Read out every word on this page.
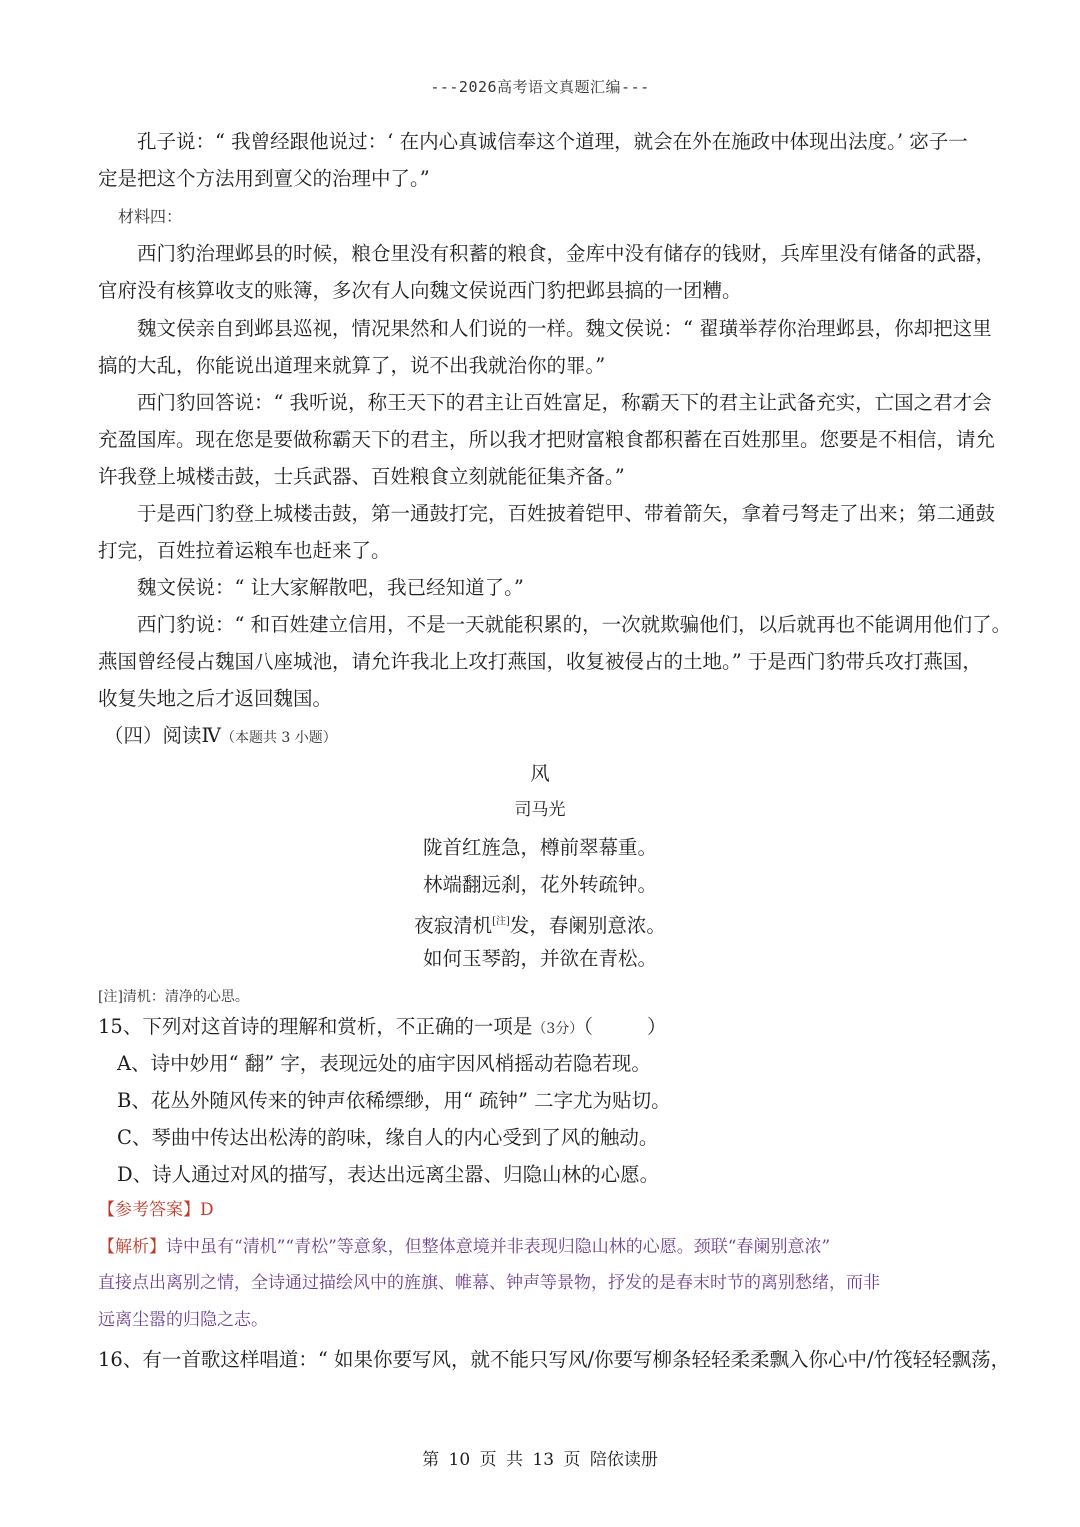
---2026高考语文真题汇编---
孔子说：“ 我曾经跟他说过：‘ 在内心真诚信奉这个道理，就会在外在施政中体现出法度。’ 宓子一
定是把这个方法用到亶父的治理中了。”
材料四：
西门豹治理邺县的时候，粮仓里没有积蓄的粮食，金库中没有储存的钱财，兵库里没有储备的武器，
官府没有核算收支的账簿，多次有人向魏文侯说西门豹把邺县搞的一团糟。
魏文侯亲自到邺县巡视，情况果然和人们说的一样。魏文侯说：“ 翟璜举荐你治理邺县，你却把这里
搞的大乱，你能说出道理来就算了，说不出我就治你的罪。”
西门豹回答说：“ 我听说，称王天下的君主让百姓富足，称霸天下的君主让武备充实，亡国之君才会
充盈国库。现在您是要做称霸天下的君主，所以我才把财富粮食都积蓄在百姓那里。您要是不相信，请允
许我登上城楼击鼓，士兵武器、百姓粮食立刻就能征集齐备。”
于是西门豹登上城楼击鼓，第一通鼓打完，百姓披着铠甲、带着箭矢，拿着弓弩走了出来；第二通鼓
打完，百姓拉着运粮车也赶来了。
魏文侯说：“ 让大家解散吧，我已经知道了。”
西门豹说：“ 和百姓建立信用，不是一天就能积累的，一次就欺骗他们，以后就再也不能调用他们了。
燕国曾经侵占魏国八座城池，请允许我北上攻打燕国，收复被侵占的土地。” 于是西门豹带兵攻打燕国，
收复失地之后才返回魏国。
（四）阅读Ⅳ（本题共 3 小题）
风
司马光
陇首红旌急，樽前翠幕重。
林端翻远刹，花外转疏钟。
夜寂清机[注]发，春阑别意浓。
如何玉琴韵，并欲在青松。
[注]清机：清净的心思。
15、下列对这首诗的理解和赏析，不正确的一项是（3分）（	）
A、诗中妙用“ 翻” 字，表现远处的庙宇因风梢摇动若隐若现。
B、花丛外随风传来的钟声依稀缥缈，用“ 疏钟” 二字尤为贴切。
C、琴曲中传达出松涛的韵味，缘自人的内心受到了风的触动。
D、诗人通过对风的描写，表达出远离尘嚣、归隐山林的心愿。
【参考答案】D
【解析】诗中虽有“清机”“青松”等意象，但整体意境并非表现归隐山林的心愿。颈联“春阑别意浓”
直接点出离别之情，全诗通过描绘风中的旌旗、帷幕、钟声等景物，抒发的是春末时节的离别愁绪，而非
远离尘嚣的归隐之志。
16、有一首歌这样唱道：“ 如果你要写风，就不能只写风/你要写柳条轻轻柔柔飘入你心中/竹筏轻轻飘荡，
第 10 页 共 13 页 陪依读册
